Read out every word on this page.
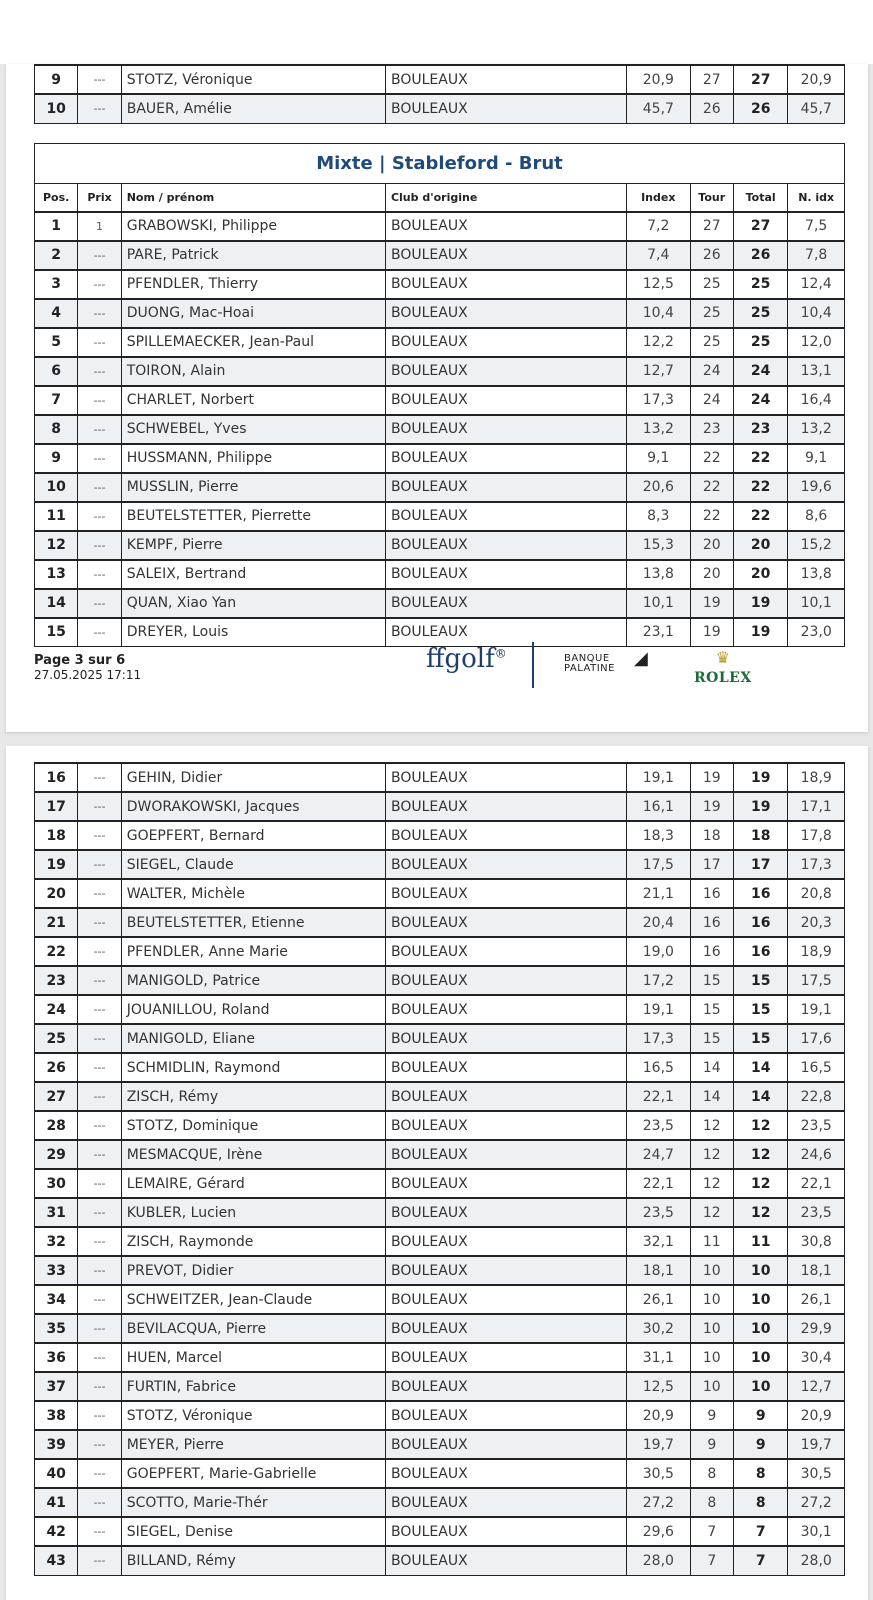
9	---	STOTZ, Véronique	BOULEAUX	20,9	27	27	20,9
10	---	BAUER, Amélie	BOULEAUX	45,7	26	26	45,7
Mixte | Stableford - Brut							
Pos.	Prix	Nom / prénom	Club d'origine	Index	Tour	Total	N. idx
1	1	GRABOWSKI, Philippe	BOULEAUX	7,2	27	27	7,5
2	---	PARE, Patrick	BOULEAUX	7,4	26	26	7,8
3	---	PFENDLER, Thierry	BOULEAUX	12,5	25	25	12,4
4	---	DUONG, Mac-Hoai	BOULEAUX	10,4	25	25	10,4
5	---	SPILLEMAECKER, Jean-Paul	BOULEAUX	12,2	25	25	12,0
6	---	TOIRON, Alain	BOULEAUX	12,7	24	24	13,1
7	---	CHARLET, Norbert	BOULEAUX	17,3	24	24	16,4
8	---	SCHWEBEL, Yves	BOULEAUX	13,2	23	23	13,2
9	---	HUSSMANN, Philippe	BOULEAUX	9,1	22	22	9,1
10	---	MUSSLIN, Pierre	BOULEAUX	20,6	22	22	19,6
11	---	BEUTELSTETTER, Pierrette	BOULEAUX	8,3	22	22	8,6
12	---	KEMPF, Pierre	BOULEAUX	15,3	20	20	15,2
13	---	SALEIX, Bertrand	BOULEAUX	13,8	20	20	13,8
14	---	QUAN, Xiao Yan	BOULEAUX	10,1	19	19	10,1
15	---	DREYER, Louis	BOULEAUX	23,1	19	19	23,0
Page 3 sur 6
27.05.2025 17:11
ffgolf®	BANQUE
PALATINE ◢	♛
ROLEX
16	---	GEHIN, Didier	BOULEAUX	19,1	19	19	18,9
17	---	DWORAKOWSKI, Jacques	BOULEAUX	16,1	19	19	17,1
18	---	GOEPFERT, Bernard	BOULEAUX	18,3	18	18	17,8
19	---	SIEGEL, Claude	BOULEAUX	17,5	17	17	17,3
20	---	WALTER, Michèle	BOULEAUX	21,1	16	16	20,8
21	---	BEUTELSTETTER, Etienne	BOULEAUX	20,4	16	16	20,3
22	---	PFENDLER, Anne Marie	BOULEAUX	19,0	16	16	18,9
23	---	MANIGOLD, Patrice	BOULEAUX	17,2	15	15	17,5
24	---	JOUANILLOU, Roland	BOULEAUX	19,1	15	15	19,1
25	---	MANIGOLD, Eliane	BOULEAUX	17,3	15	15	17,6
26	---	SCHMIDLIN, Raymond	BOULEAUX	16,5	14	14	16,5
27	---	ZISCH, Rémy	BOULEAUX	22,1	14	14	22,8
28	---	STOTZ, Dominique	BOULEAUX	23,5	12	12	23,5
29	---	MESMACQUE, Irène	BOULEAUX	24,7	12	12	24,6
30	---	LEMAIRE, Gérard	BOULEAUX	22,1	12	12	22,1
31	---	KUBLER, Lucien	BOULEAUX	23,5	12	12	23,5
32	---	ZISCH, Raymonde	BOULEAUX	32,1	11	11	30,8
33	---	PREVOT, Didier	BOULEAUX	18,1	10	10	18,1
34	---	SCHWEITZER, Jean-Claude	BOULEAUX	26,1	10	10	26,1
35	---	BEVILACQUA, Pierre	BOULEAUX	30,2	10	10	29,9
36	---	HUEN, Marcel	BOULEAUX	31,1	10	10	30,4
37	---	FURTIN, Fabrice	BOULEAUX	12,5	10	10	12,7
38	---	STOTZ, Véronique	BOULEAUX	20,9	9	9	20,9
39	---	MEYER, Pierre	BOULEAUX	19,7	9	9	19,7
40	---	GOEPFERT, Marie-Gabrielle	BOULEAUX	30,5	8	8	30,5
41	---	SCOTTO, Marie-Thér	BOULEAUX	27,2	8	8	27,2
42	---	SIEGEL, Denise	BOULEAUX	29,6	7	7	30,1
43	---	BILLAND, Rémy	BOULEAUX	28,0	7	7	28,0
